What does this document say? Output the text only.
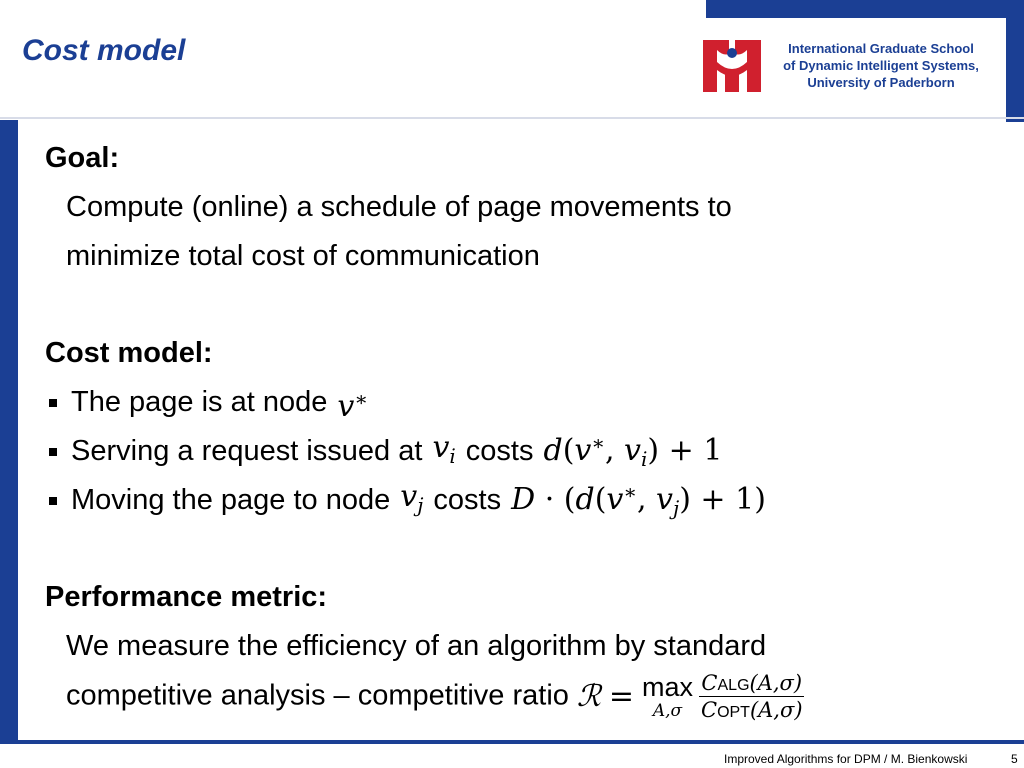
Cost model	International Graduate School
of Dynamic Intelligent Systems,
University of Paderborn

Goal:

Compute (online) a schedule of page movements to

minimize total cost of communication

Cost model:

The page is at node v∗
Serving a request issued at $v_i$ costs d(v∗, $v_i) + 1$
Moving the page to node $v_j$ costs D · (d(v∗, $v_j) + 1$)

Performance metric:

We measure the efficiency of an algorithm by standard

competitive analysis – competitive ratio ℛ = max
$A,\sigma \frac{\text{CALG(A,σ)}}{\text{COPT(A,σ)}}$

Improved Algorithms for DPM / M. Bienkowski	5
